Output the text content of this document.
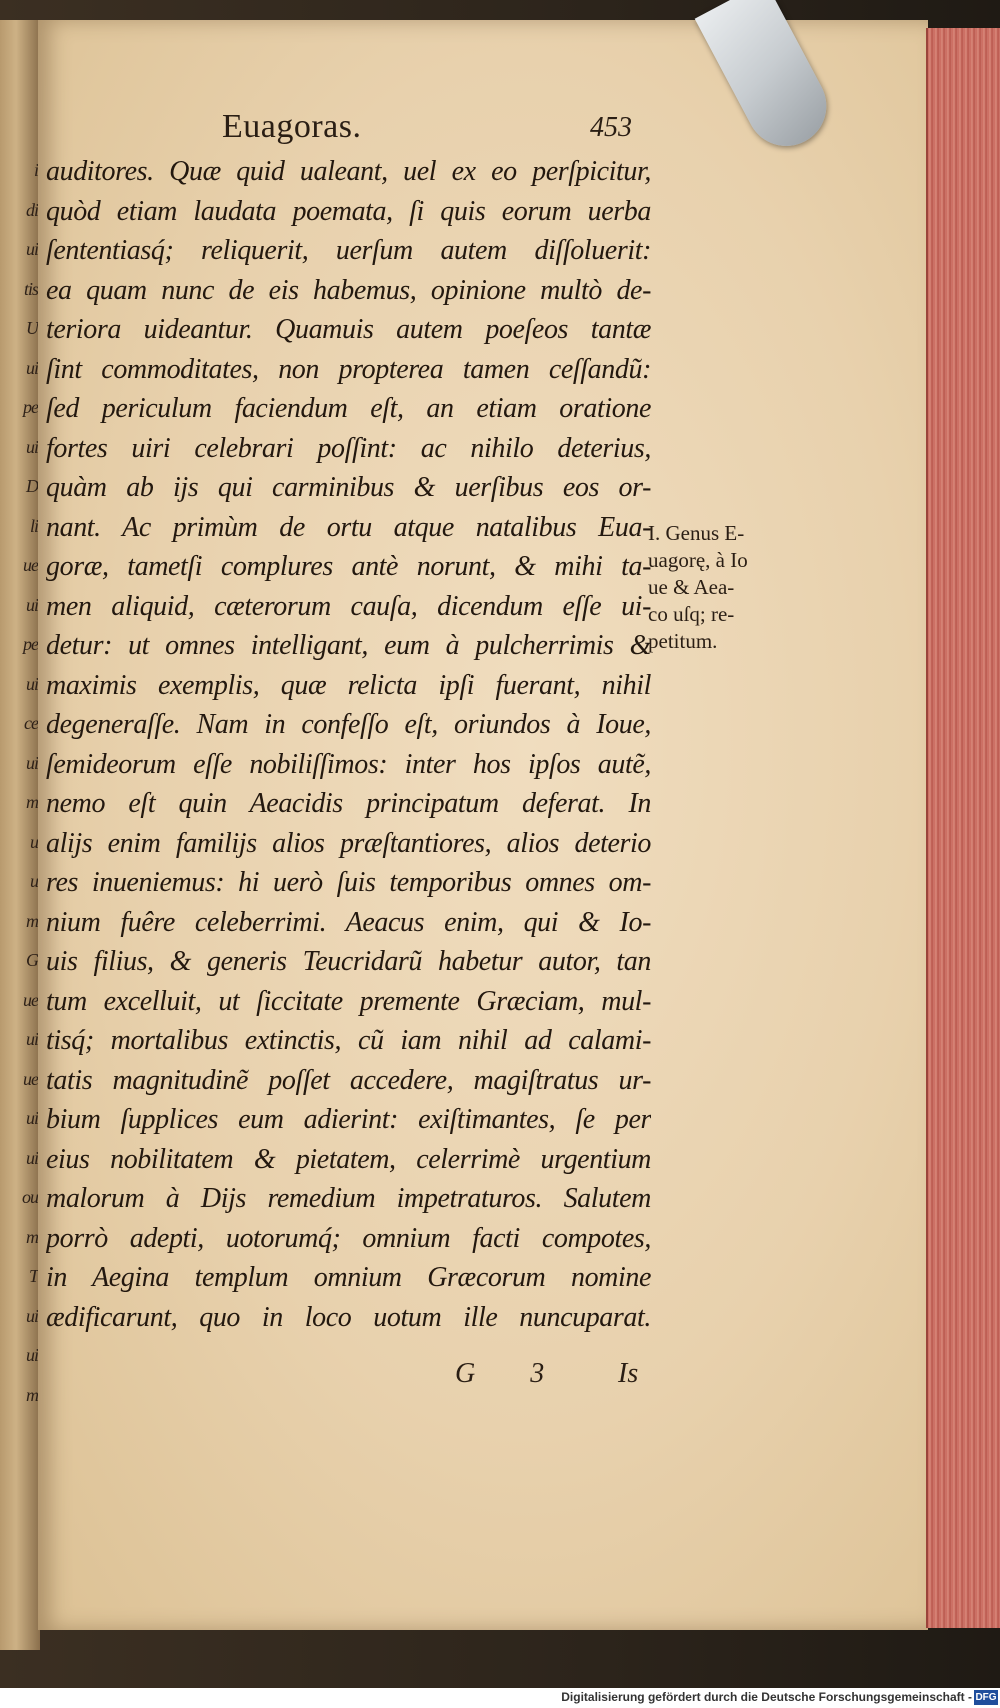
i
di
ui
tis
U
ui
pe
ui
D
li
ue
ui
pe
ui
ce
ui
m
u
u
m
G
ue
ui
ue
ui
ui
ou
m
T
ui
ui
m
Euagoras.	453
auditores. Quæ quid ualeant, uel ex eo perſpicitur,
quòd etiam laudata poemata, ſi quis eorum uerba
ſententiasq́; reliquerit, uerſum autem diſſoluerit:
ea quam nunc de eis habemus, opinione multò de-
teriora uideantur. Quamuis autem poeſeos tantæ
ſint commoditates, non propterea tamen ceſſandũ:
ſed periculum faciendum eſt, an etiam oratione
fortes uiri celebrari poſſint: ac nihilo deterius,
quàm ab ijs qui carminibus & uerſibus eos or-
nant. Ac primùm de ortu atque natalibus Eua-
goræ, tametſi complures antè norunt, & mihi ta-
men aliquid, cæterorum cauſa, dicendum eſſe ui-
detur: ut omnes intelligant, eum à pulcherrimis &
maximis exemplis, quæ relicta ipſi fuerant, nihil
degeneraſſe. Nam in confeſſo eſt, oriundos à Ioue,
ſemideorum eſſe nobiliſſimos: inter hos ipſos autẽ,
nemo eſt quin Aeacidis principatum deferat. In
alijs enim familijs alios præſtantiores, alios deterio
res inueniemus: hi uerò ſuis temporibus omnes om-
nium fuêre celeberrimi. Aeacus enim, qui & Io-
uis filius, & generis Teucridarũ habetur autor, tan
tum excelluit, ut ſiccitate premente Græciam, mul-
tisq́; mortalibus extinctis, cũ iam nihil ad calami-
tatis magnitudinẽ poſſet accedere, magiſtratus ur-
bium ſupplices eum adierint: exiſtimantes, ſe per
eius nobilitatem & pietatem, celerrimè urgentium
malorum à Dijs remedium impetraturos. Salutem
porrò adepti, uotorumq́; omnium facti compotes,
in Aegina templum omnium Græcorum nomine
ædificarunt, quo in loco uotum ille nuncuparat.
I. Genus E-
uagorę, à Io
ue & Aea-
co uſq; re-
petitum.
G 3 Is
Digitalisierung gefördert durch die Deutsche Forschungsgemeinschaft - DFG
